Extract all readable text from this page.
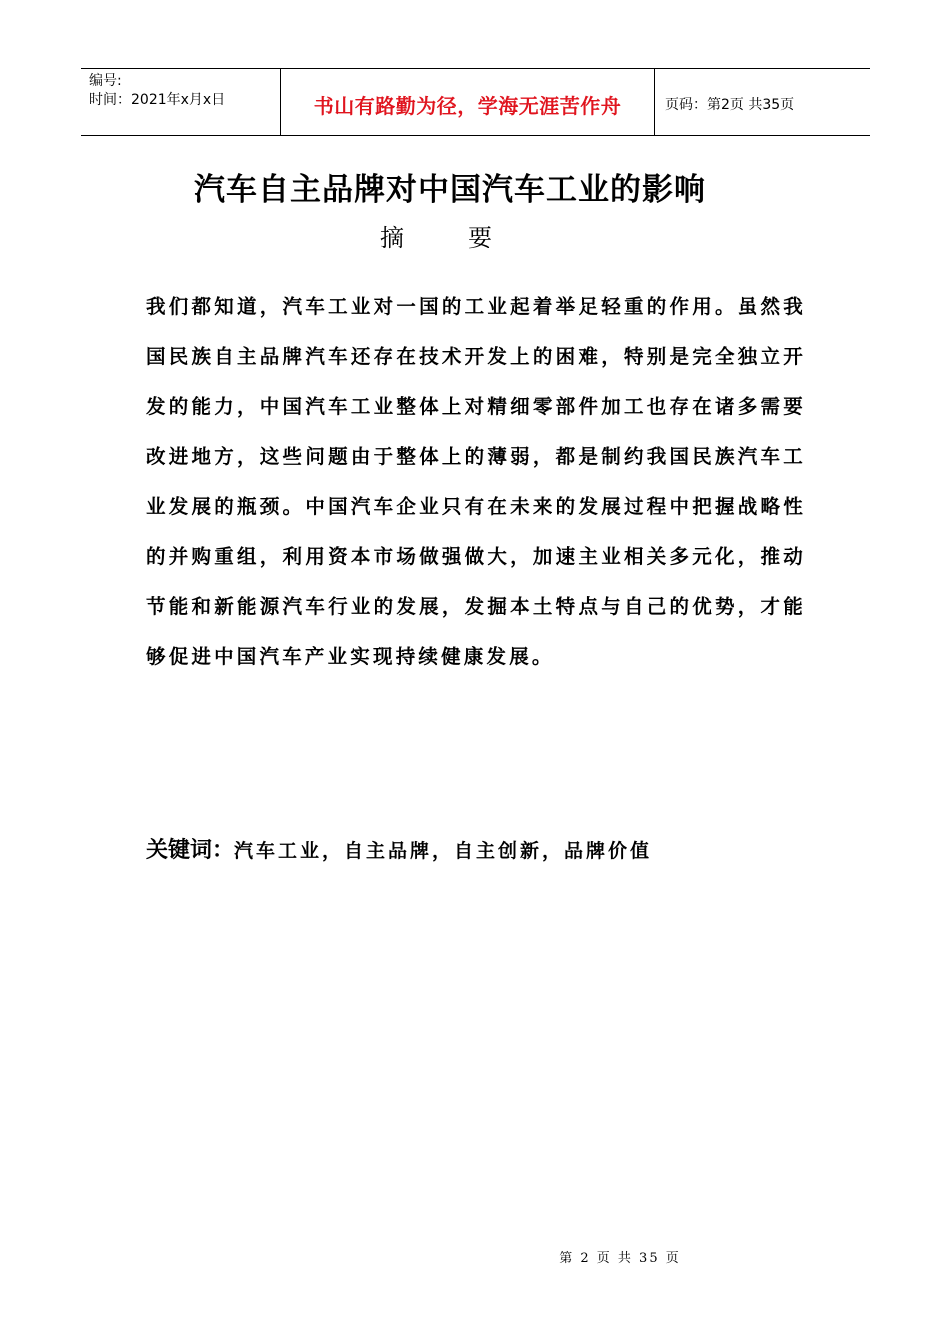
编号:
时间：2021年x月x日	书山有路勤为径，学海无涯苦作舟	页码：第2页 共35页
汽车自主品牌对中国汽车工业的影响
摘	要

我们都知道，汽车工业对一国的工业起着举足轻重的作用。虽然我国民族自主品牌汽车还存在技术开发上的困难，特别是完全独立开发的能力，中国汽车工业整体上对精细零部件加工也存在诸多需要改进地方，这些问题由于整体上的薄弱，都是制约我国民族汽车工业发展的瓶颈。中国汽车企业只有在未来的发展过程中把握战略性的并购重组，利用资本市场做强做大，加速主业相关多元化，推动节能和新能源汽车行业的发展，发掘本土特点与自己的优势，才能够促进中国汽车产业实现持续健康发展。

关键词：汽车工业，自主品牌，自主创新，品牌价值
第 2 页 共 35 页
